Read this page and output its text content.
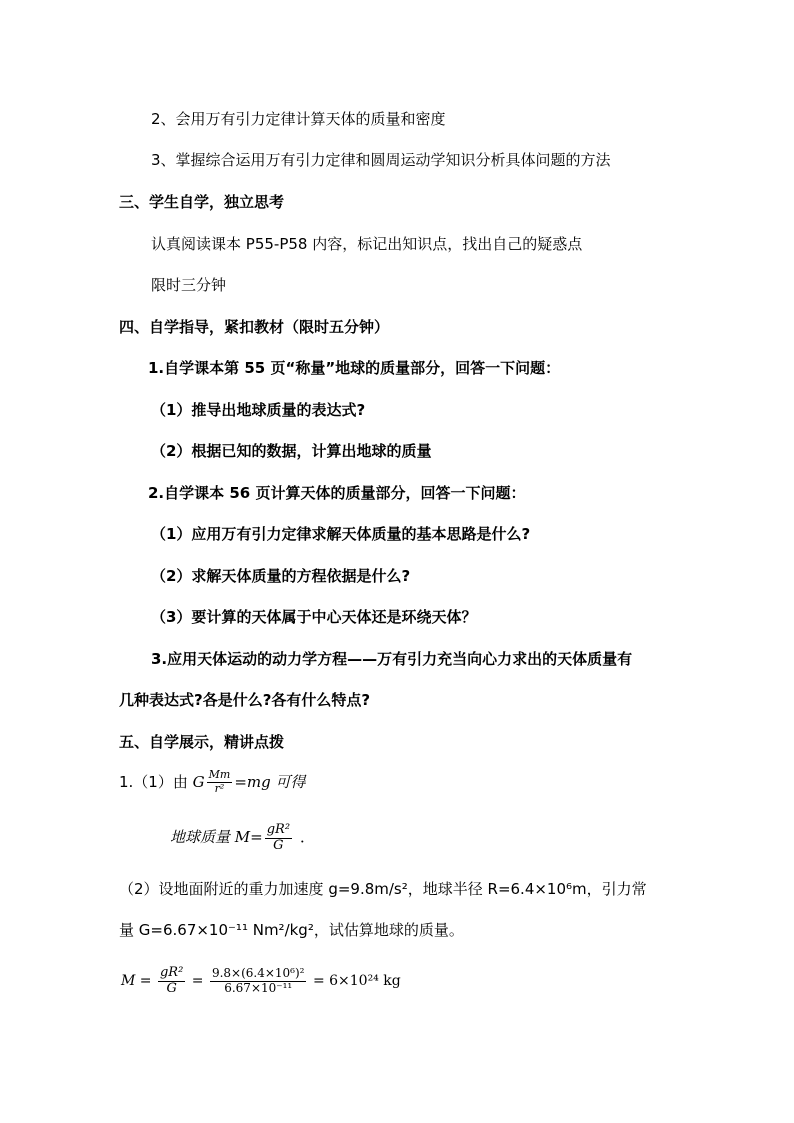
2、会用万有引力定律计算天体的质量和密度
3、掌握综合运用万有引力定律和圆周运动学知识分析具体问题的方法
三、学生自学，独立思考
认真阅读课本 P55-P58 内容，标记出知识点，找出自己的疑惑点
限时三分钟
四、自学指导，紧扣教材（限时五分钟）
1.自学课本第 55 页“称量”地球的质量部分，回答一下问题：
（1）推导出地球质量的表达式?
（2）根据已知的数据，计算出地球的质量
2.自学课本 56 页计算天体的质量部分，回答一下问题：
（1）应用万有引力定律求解天体质量的基本思路是什么?
（2）求解天体质量的方程依据是什么?
（3）要计算的天体属于中心天体还是环绕天体？
3.应用天体运动的动力学方程——万有引力充当向心力求出的天体质量有
几种表达式?各是什么?各有什么特点?
五、自学展示，精讲点拨
1.（1）由 G $\frac{Mm}{\text{r²}} =mg$ 可得
地球质量 $M= \frac{\text{gR²}}{G}$ ．
（2）设地面附近的重力加速度 g=9.8m/s²，地球半径 R=6.4×10⁶m，引力常
量 G=6.67×10⁻¹¹ Nm²/kg²，试估算地球的质量。
$M = \frac{\text{gR²}}{G} = \frac{\text{9.8×(6.4×10⁶)²}}{\text{6.67×10⁻¹¹}} = 6\times 10^{24}$ kg
